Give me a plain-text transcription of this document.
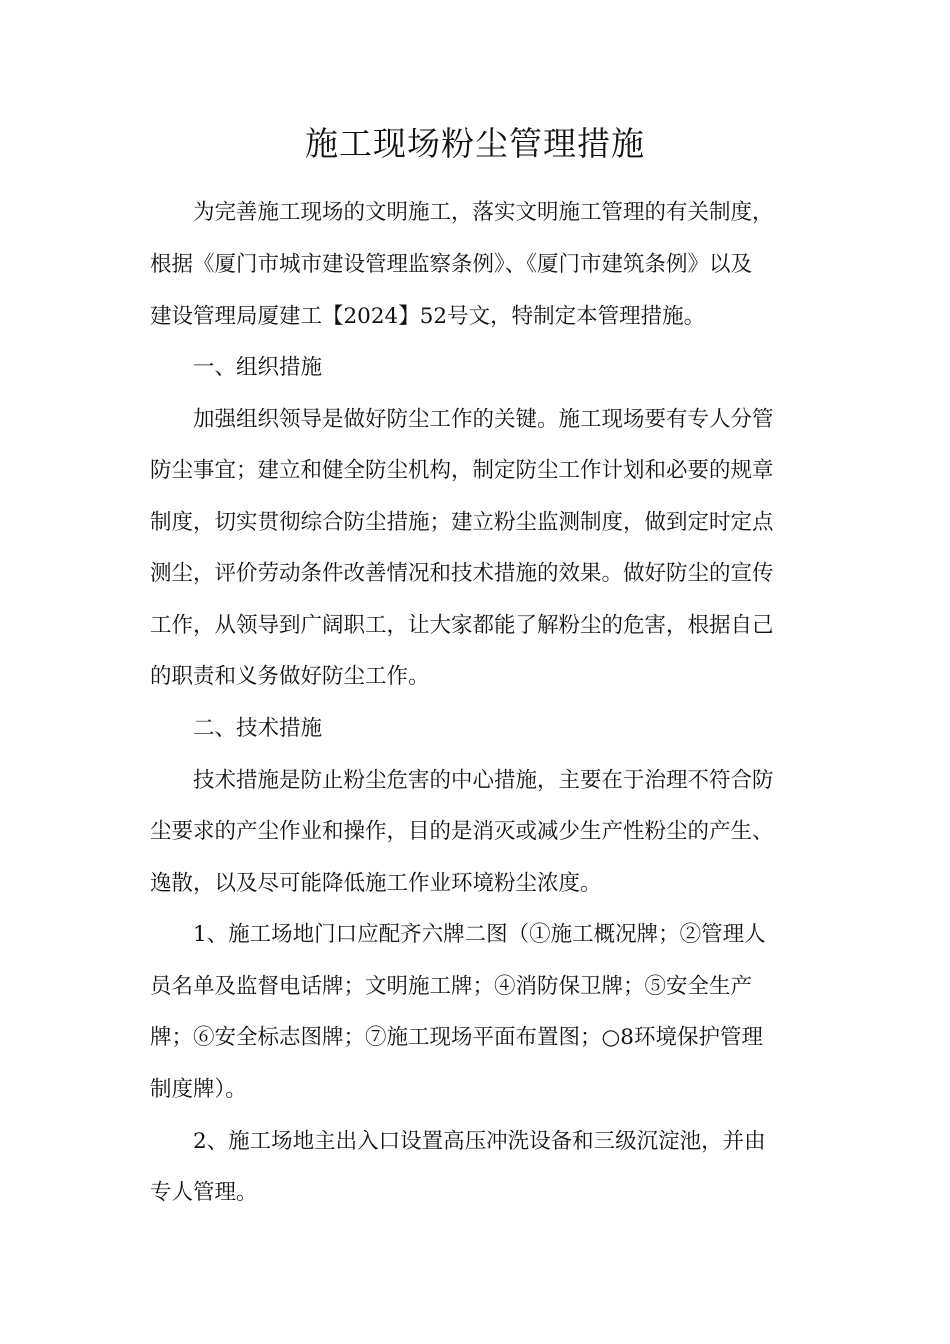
施工现场粉尘管理措施
为完善施工现场的文明施工，落实文明施工管理的有关制度，
根据《厦门市城市建设管理监察条例》、《厦门市建筑条例》以及
建设管理局厦建工【2024】52号文，特制定本管理措施。
一、组织措施
加强组织领导是做好防尘工作的关键。施工现场要有专人分管
防尘事宜；建立和健全防尘机构，制定防尘工作计划和必要的规章
制度，切实贯彻综合防尘措施；建立粉尘监测制度，做到定时定点
测尘，评价劳动条件改善情况和技术措施的效果。做好防尘的宣传
工作，从领导到广阔职工，让大家都能了解粉尘的危害，根据自己
的职责和义务做好防尘工作。
二、技术措施
技术措施是防止粉尘危害的中心措施，主要在于治理不符合防
尘要求的产尘作业和操作，目的是消灭或减少生产性粉尘的产生、
逸散，以及尽可能降低施工作业环境粉尘浓度。
1、施工场地门口应配齐六牌二图（①施工概况牌；②管理人
员名单及监督电话牌；文明施工牌；④消防保卫牌；⑤安全生产
牌；⑥安全标志图牌；⑦施工现场平面布置图；○8环境保护管理
制度牌）。
2、施工场地主出入口设置高压冲洗设备和三级沉淀池，并由
专人管理。
